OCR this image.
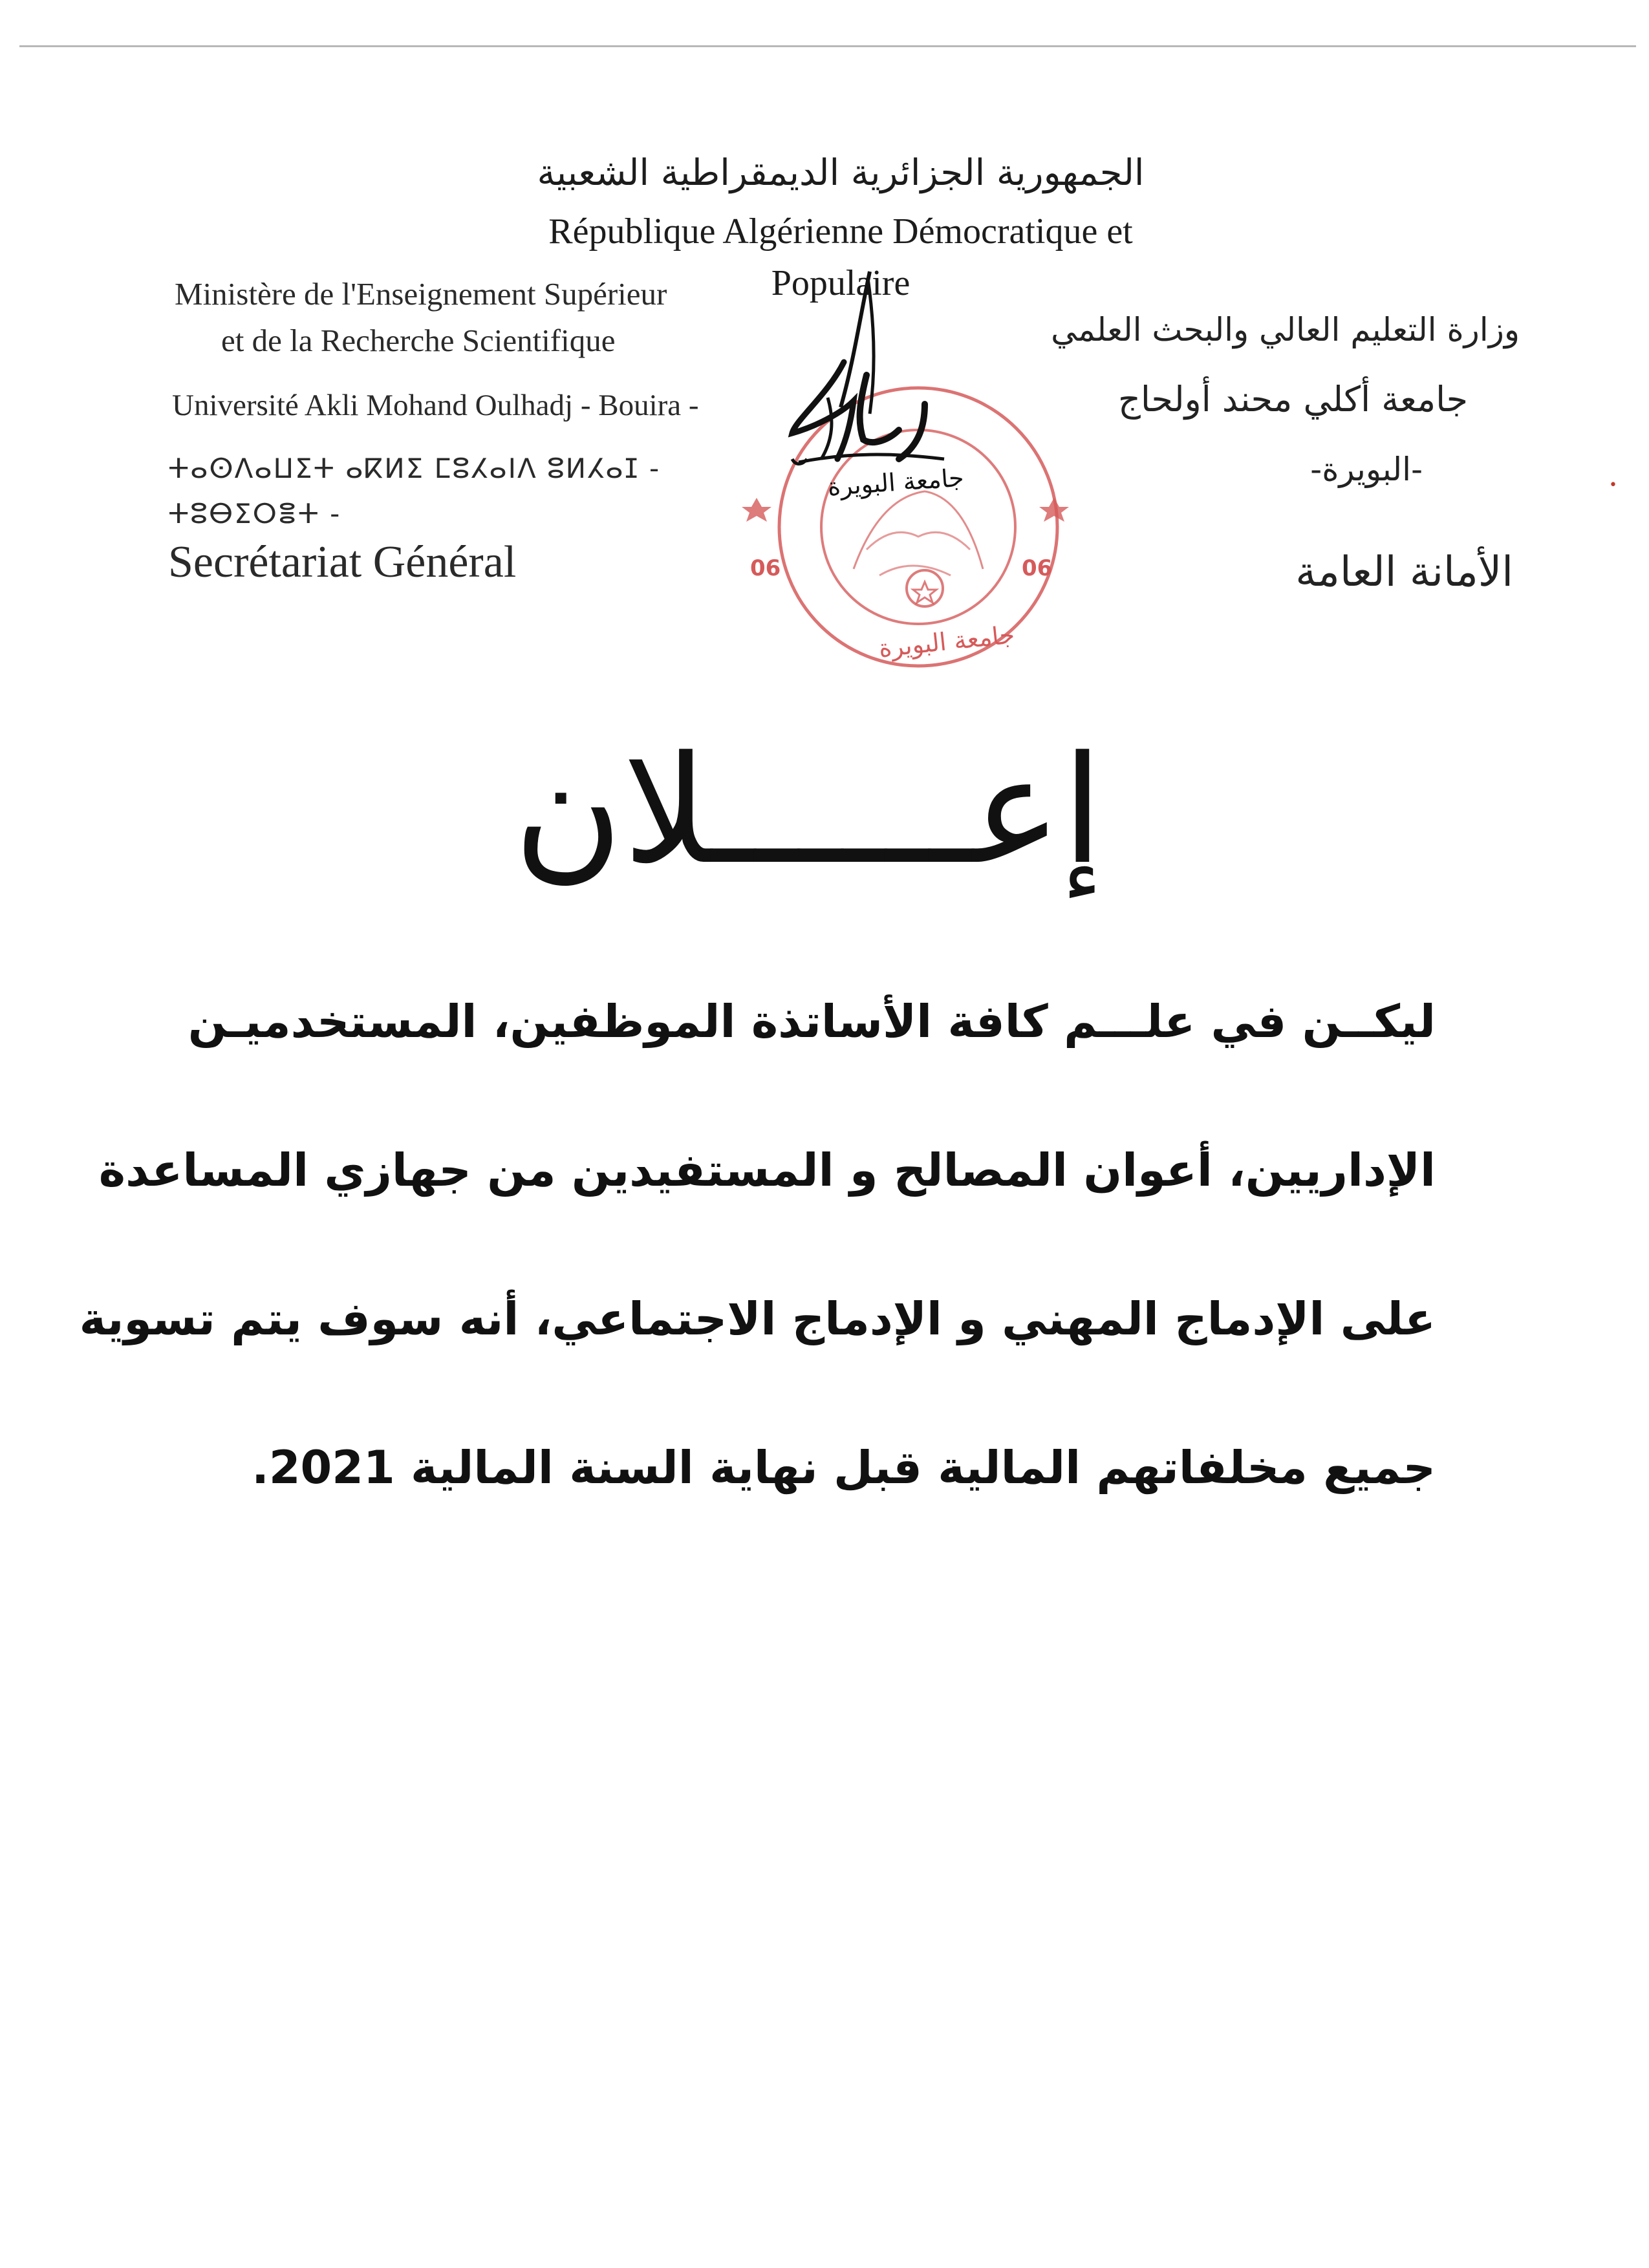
الجمهورية الجزائرية الديمقراطية الشعبية
République Algérienne Démocratique et Populaire
Ministère de l'Enseignement Supérieur
et de la Recherche Scientifique
Université Akli Mohand Oulhadj - Bouira -
ⵜⴰⵙⴷⴰⵡⵉⵜ ⴰⴽⵍⵉ ⵎⵓⵃⴰⵏⴷ ⵓⵍⵃⴰⵊ - ⵜⵓⴱⵉⵔⴻⵜ -
Secrétariat Général
وزارة التعليم العالي والبحث العلمي
جامعة أكلي محند أولحاج
-البويرة-
الأمانة العامة
06	06
جامعة البويرة
جامعة البويرة
إعــــــلان
ليكــن في علـــم كافة الأساتذة الموظفين، المستخدميـن
الإداريين، أعوان المصالح و المستفيدين من جهازي المساعدة
على الإدماج المهني و الإدماج الاجتماعي، أنه سوف يتم تسوية
جميع مخلفاتهم المالية قبل نهاية السنة المالية 2021.
•
